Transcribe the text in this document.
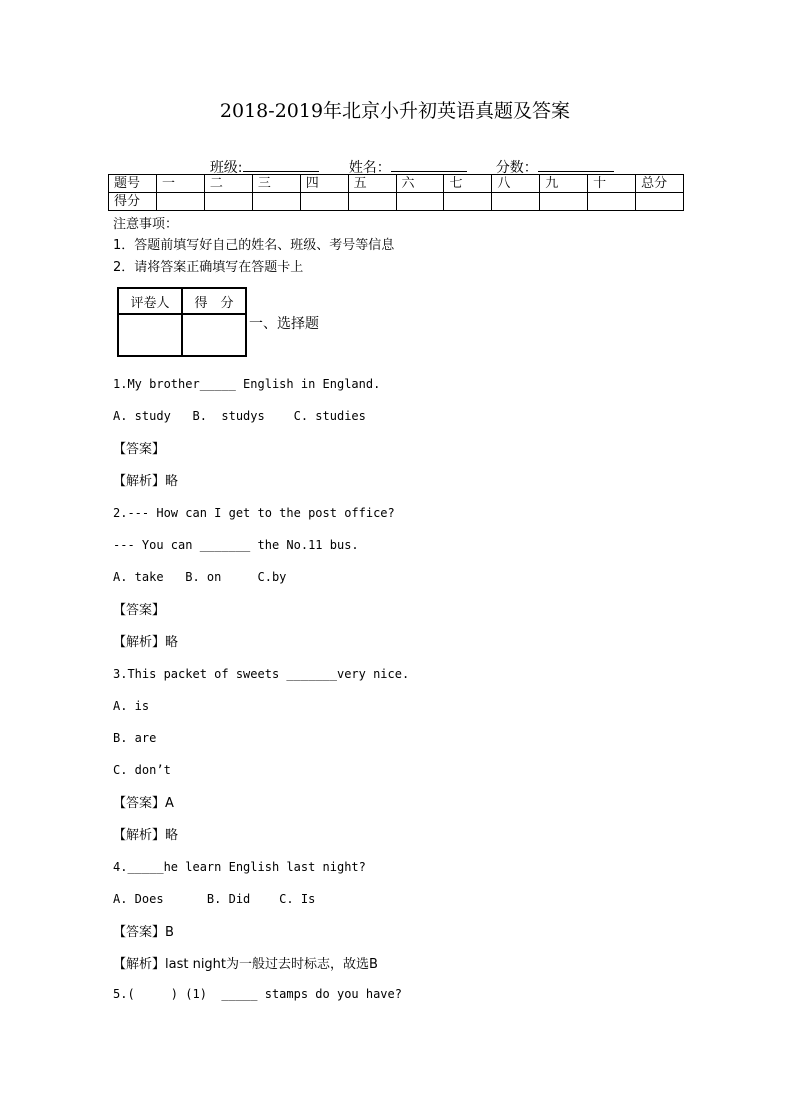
2018-2019年北京小升初英语真题及答案

班级:
	姓名：
	分数：

题号	一	二	三	四	五	六	七	八	九	十	总分
得分											
注意事项：
1．答题前填写好自己的姓名、班级、考号等信息
2．请将答案正确填写在答题卡上
评卷人	得　分

一、选择题
1.My brother_____ English in England.
A. study   B.  studys    C. studies
【答案】
【解析】略
2.--- How can I get to the post office?
--- You can _______ the No.11 bus.
A. take   B. on     C.by
【答案】
【解析】略
3.This packet of sweets _______very nice.
A. is
B. are
C. don’t
【答案】A
【解析】略
4._____he learn English last night?
A. Does      B. Did    C. Is
【答案】B
【解析】last night为一般过去时标志，故选B
5.(     ) (1)  _____ stamps do you have?
